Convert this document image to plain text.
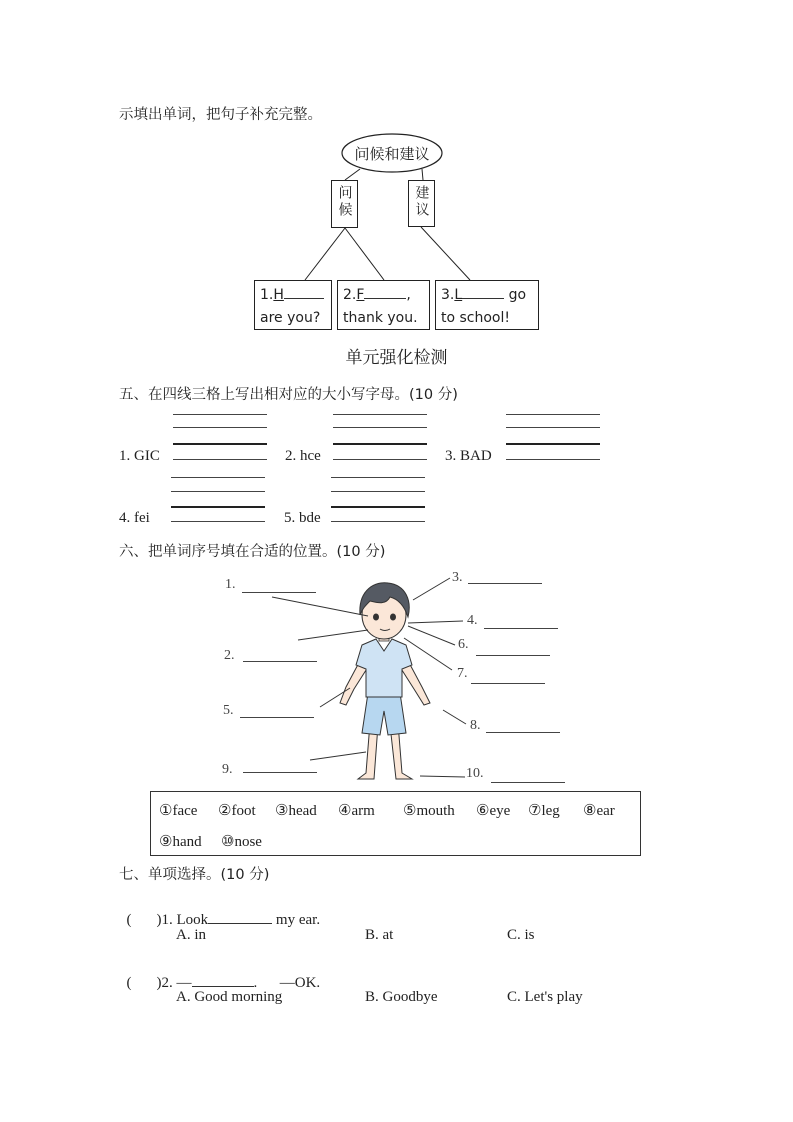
示填出单词，把句子补充完整。
问候和建议
问候	建议
1.H
are you?
2.F	,
thank you.
3.L	go
to school!
单元强化检测
五、在四线三格上写出相对应的大小写字母。(10 分)
1. GIC	2. hce	3. BAD
4. fei	5. bde
六、把单词序号填在合适的位置。(10 分)
1.	3.
4.
2.
6.
7.
5.
8.
9.	10.
①face ②foot ③head ④arm ⑤mouth ⑥eye ⑦leg ⑧ear
⑨hand ⑩nose
七、单项选择。(10 分)

( )1. Look	my ear.

A. in	B. at	C. is

( )2. —	.      —OK.

A. Good morning	B. Goodbye	C. Let's play
